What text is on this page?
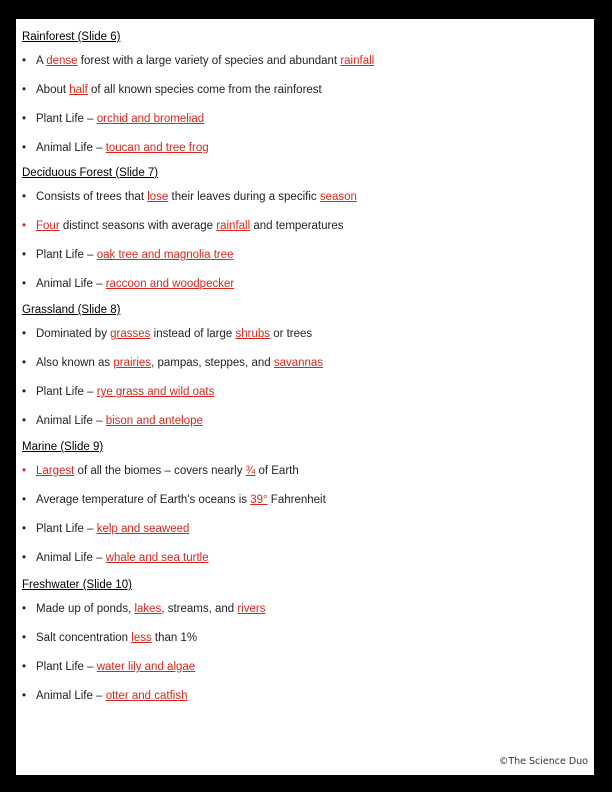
©The Science Duo
Rainforest (Slide 6)
• A dense forest with a large variety of species and abundant rainfall
• About half of all known species come from the rainforest
• Plant Life – orchid and bromeliad
• Animal Life – toucan and tree frog
Deciduous Forest (Slide 7)
• Consists of trees that lose their leaves during a specific season
• Four distinct seasons with average rainfall and temperatures
• Plant Life – oak tree and magnolia tree
• Animal Life – raccoon and woodpecker
Grassland (Slide 8)
• Dominated by grasses instead of large shrubs or trees
• Also known as prairies, pampas, steppes, and savannas
• Plant Life – rye grass and wild oats
• Animal Life – bison and antelope
Marine (Slide 9)
• Largest of all the biomes – covers nearly ¾ of Earth
• Average temperature of Earth's oceans is 39° Fahrenheit
• Plant Life – kelp and seaweed
• Animal Life – whale and sea turtle
Freshwater (Slide 10)
• Made up of ponds, lakes, streams, and rivers
• Salt concentration less than 1%
• Plant Life – water lily and algae
• Animal Life – otter and catfish
